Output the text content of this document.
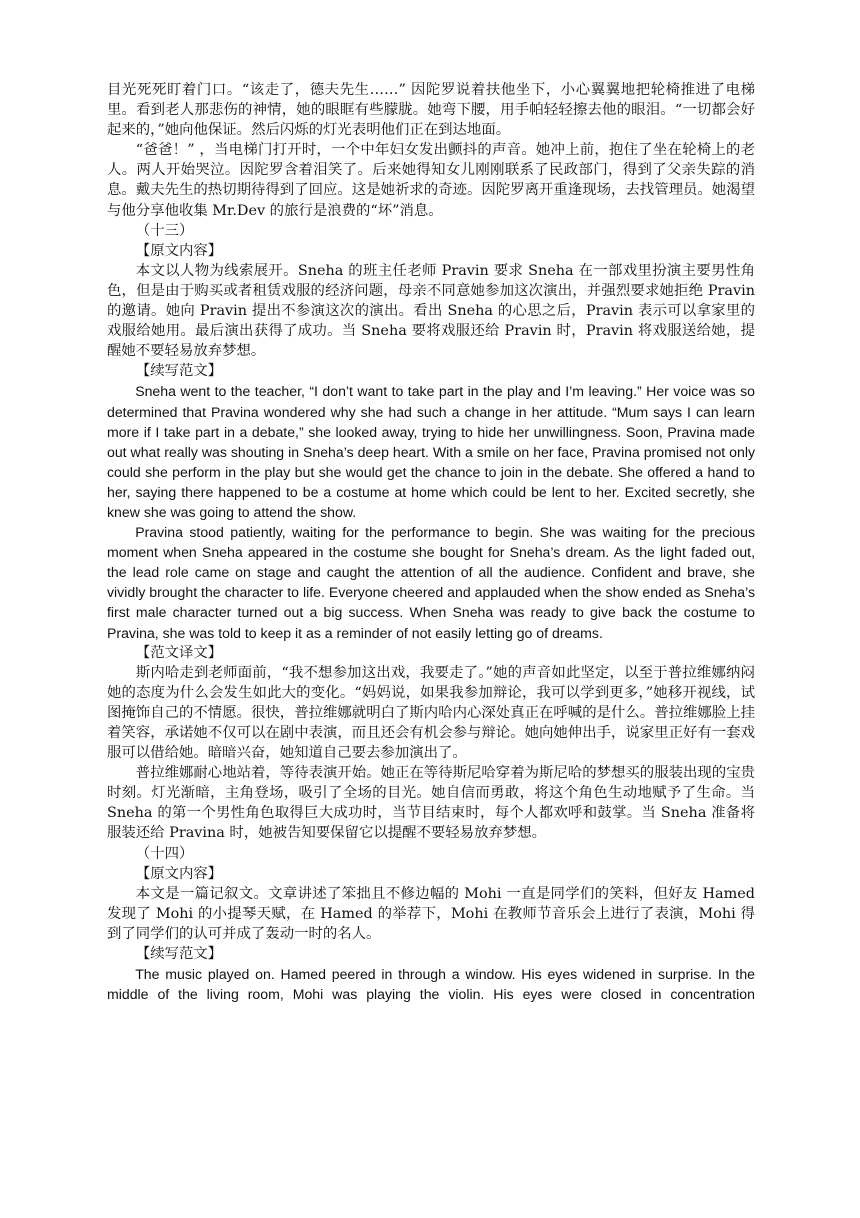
目光死死盯着门口。“该走了，德夫先生……” 因陀罗说着扶他坐下，小心翼翼地把轮椅推进了电梯里。看到老人那悲伤的神情，她的眼眶有些朦胧。她弯下腰，用手帕轻轻擦去他的眼泪。“一切都会好起来的，”她向他保证。然后闪烁的灯光表明他们正在到达地面。

“爸爸！” ，当电梯门打开时，一个中年妇女发出颤抖的声音。她冲上前，抱住了坐在轮椅上的老人。两人开始哭泣。因陀罗含着泪笑了。后来她得知女儿刚刚联系了民政部门，得到了父亲失踪的消息。戴夫先生的热切期待得到了回应。这是她祈求的奇迹。因陀罗离开重逢现场，去找管理员。她渴望与他分享他收集 Mr.Dev 的旅行是浪费的“坏”消息。

（十三）

【原文内容】

本文以人物为线索展开。Sneha 的班主任老师 Pravin 要求 Sneha 在一部戏里扮演主要男性角色，但是由于购买或者租赁戏服的经济问题，母亲不同意她参加这次演出，并强烈要求她拒绝 Pravin 的邀请。她向 Pravin 提出不参演这次的演出。看出 Sneha 的心思之后，Pravin 表示可以拿家里的戏服给她用。最后演出获得了成功。当 Sneha 要将戏服还给 Pravin 时，Pravin 将戏服送给她，提醒她不要轻易放弃梦想。

【续写范文】

Sneha went to the teacher, “I don’t want to take part in the play and I’m leaving.” Her voice was so determined that Pravina wondered why she had such a change in her attitude. “Mum says I can learn more if I take part in a debate,” she looked away, trying to hide her unwillingness. Soon, Pravina made out what really was shouting in Sneha’s deep heart. With a smile on her face, Pravina promised not only could she perform in the play but she would get the chance to join in the debate. She offered a hand to her, saying there happened to be a costume at home which could be lent to her. Excited secretly, she knew she was going to attend the show.

Pravina stood patiently, waiting for the performance to begin. She was waiting for the precious moment when Sneha appeared in the costume she bought for Sneha’s dream. As the light faded out, the lead role came on stage and caught the attention of all the audience. Confident and brave, she vividly brought the character to life. Everyone cheered and applauded when the show ended as Sneha’s first male character turned out a big success. When Sneha was ready to give back the costume to Pravina, she was told to keep it as a reminder of not easily letting go of dreams.

【范文译文】

斯内哈走到老师面前，“我不想参加这出戏，我要走了。”她的声音如此坚定，以至于普拉维娜纳闷她的态度为什么会发生如此大的变化。“妈妈说，如果我参加辩论，我可以学到更多，”她移开视线，试图掩饰自己的不情愿。很快，普拉维娜就明白了斯内哈内心深处真正在呼喊的是什么。普拉维娜脸上挂着笑容，承诺她不仅可以在剧中表演，而且还会有机会参与辩论。她向她伸出手，说家里正好有一套戏服可以借给她。暗暗兴奋，她知道自己要去参加演出了。

普拉维娜耐心地站着，等待表演开始。她正在等待斯尼哈穿着为斯尼哈的梦想买的服装出现的宝贵时刻。灯光渐暗，主角登场，吸引了全场的目光。她自信而勇敢，将这个角色生动地赋予了生命。当 Sneha 的第一个男性角色取得巨大成功时，当节目结束时，每个人都欢呼和鼓掌。当 Sneha 准备将服装还给 Pravina 时，她被告知要保留它以提醒不要轻易放弃梦想。

（十四）

【原文内容】

本文是一篇记叙文。文章讲述了笨拙且不修边幅的 Mohi 一直是同学们的笑料，但好友 Hamed 发现了 Mohi 的小提琴天赋，在 Hamed 的举荐下，Mohi 在教师节音乐会上进行了表演，Mohi 得到了同学们的认可并成了轰动一时的名人。

【续写范文】

The music played on. Hamed peered in through a window. His eyes widened in surprise. In the middle of the living room, Mohi was playing the violin. His eyes were closed in concentration
